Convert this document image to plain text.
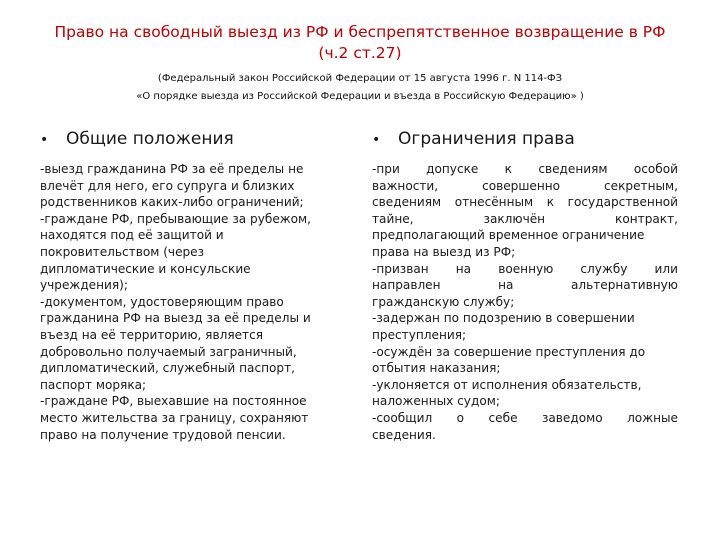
Право на свободный выезд из РФ и беспрепятственное возвращение в РФ
(ч.2 ст.27)
(Федеральный закон Российской Федерации от 15 августа 1996 г. N 114-ФЗ
«О порядке выезда из Российской Федерации и въезда в Российскую Федерацию» )
•	Общие положения

-выезд гражданина РФ за её пределы не

влечёт для него, его супруга и близких

родственников каких-либо ограничений;

-граждане РФ, пребывающие за рубежом,

находятся под её защитой и

покровительством (через

дипломатические и консульские

учреждения);

-документом, удостоверяющим право

гражданина РФ на выезд за её пределы и

въезд на её территорию, является

добровольно получаемый заграничный,

дипломатический, служебный паспорт,

паспорт моряка;

-граждане РФ, выехавшие на постоянное

место жительства за границу, сохраняют

право на получение трудовой пенсии.

•	Ограничения права

-при допуске к сведениям особой

важности, совершенно секретным,

сведениям отнесённым к государственной

тайне, заключён контракт,

предполагающий временное ограничение

права на выезд из РФ;

-призван на военную службу или

направлен на альтернативную

гражданскую службу;

-задержан по подозрению в совершении

преступления;

-осуждён за совершение преступления до

отбытия наказания;

-уклоняется от исполнения обязательств,

наложенных судом;

-сообщил о себе заведомо ложные

сведения.
